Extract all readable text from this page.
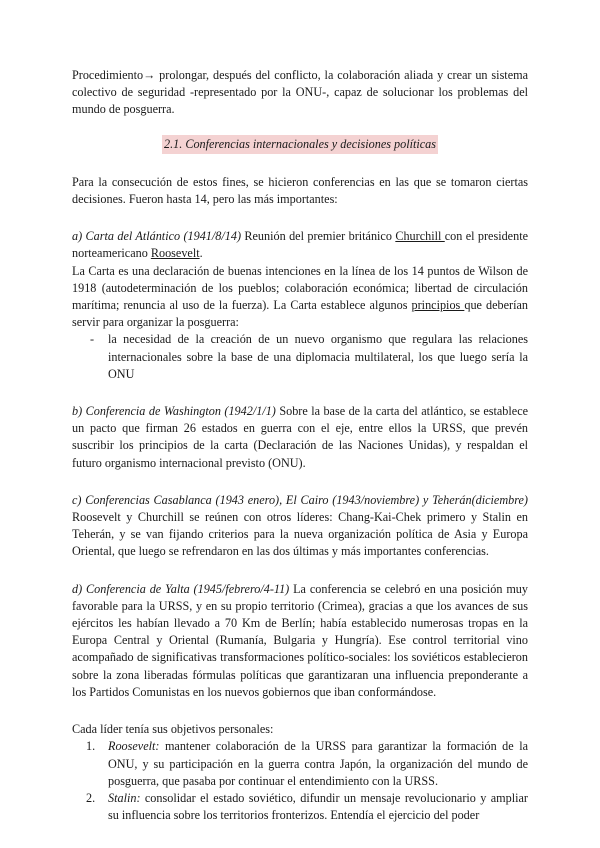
Procedimiento→ prolongar, después del conflicto, la colaboración aliada y crear un sistema colectivo de seguridad -representado por la ONU-, capaz de solucionar los problemas del mundo de posguerra.

2.1. Conferencias internacionales y decisiones políticas

Para la consecución de estos fines, se hicieron conferencias en las que se tomaron ciertas decisiones. Fueron hasta 14, pero las más importantes:

a) Carta del Atlántico (1941/8/14) Reunión del premier británico Churchill con el presidente norteamericano Roosevelt.

La Carta es una declaración de buenas intenciones en la línea de los 14 puntos de Wilson de 1918 (autodeterminación de los pueblos; colaboración económica; libertad de circulación marítima; renuncia al uso de la fuerza). La Carta establece algunos principios que deberían servir para organizar la posguerra:

- la necesidad de la creación de un nuevo organismo que regulara las relaciones internacionales sobre la base de una diplomacia multilateral, los que luego sería la ONU

b) Conferencia de Washington (1942/1/1) Sobre la base de la carta del atlántico, se establece un pacto que firman 26 estados en guerra con el eje, entre ellos la URSS, que prevén suscribir los principios de la carta (Declaración de las Naciones Unidas), y respaldan el futuro organismo internacional previsto (ONU).

c) Conferencias Casablanca (1943 enero), El Cairo (1943/noviembre) y Teherán(diciembre) Roosevelt y Churchill se reúnen con otros líderes: Chang-Kai-Chek primero y Stalin en Teherán, y se van fijando criterios para la nueva organización política de Asia y Europa Oriental, que luego se refrendaron en las dos últimas y más importantes conferencias.

d) Conferencia de Yalta (1945/febrero/4-11) La conferencia se celebró en una posición muy favorable para la URSS, y en su propio territorio (Crimea), gracias a que los avances de sus ejércitos les habían llevado a 70 Km de Berlín; había establecido numerosas tropas en la Europa Central y Oriental (Rumanía, Bulgaria y Hungría). Ese control territorial vino acompañado de significativas transformaciones político-sociales: los soviéticos establecieron sobre la zona liberadas fórmulas políticas que garantizaran una influencia preponderante a los Partidos Comunistas en los nuevos gobiernos que iban conformándose.

Cada líder tenía sus objetivos personales:

1. Roosevelt: mantener colaboración de la URSS para garantizar la formación de la ONU, y su participación en la guerra contra Japón, la organización del mundo de posguerra, que pasaba por continuar el entendimiento con la URSS.
2. Stalin: consolidar el estado soviético, difundir un mensaje revolucionario y ampliar su influencia sobre los territorios fronterizos. Entendía el ejercicio del poder
